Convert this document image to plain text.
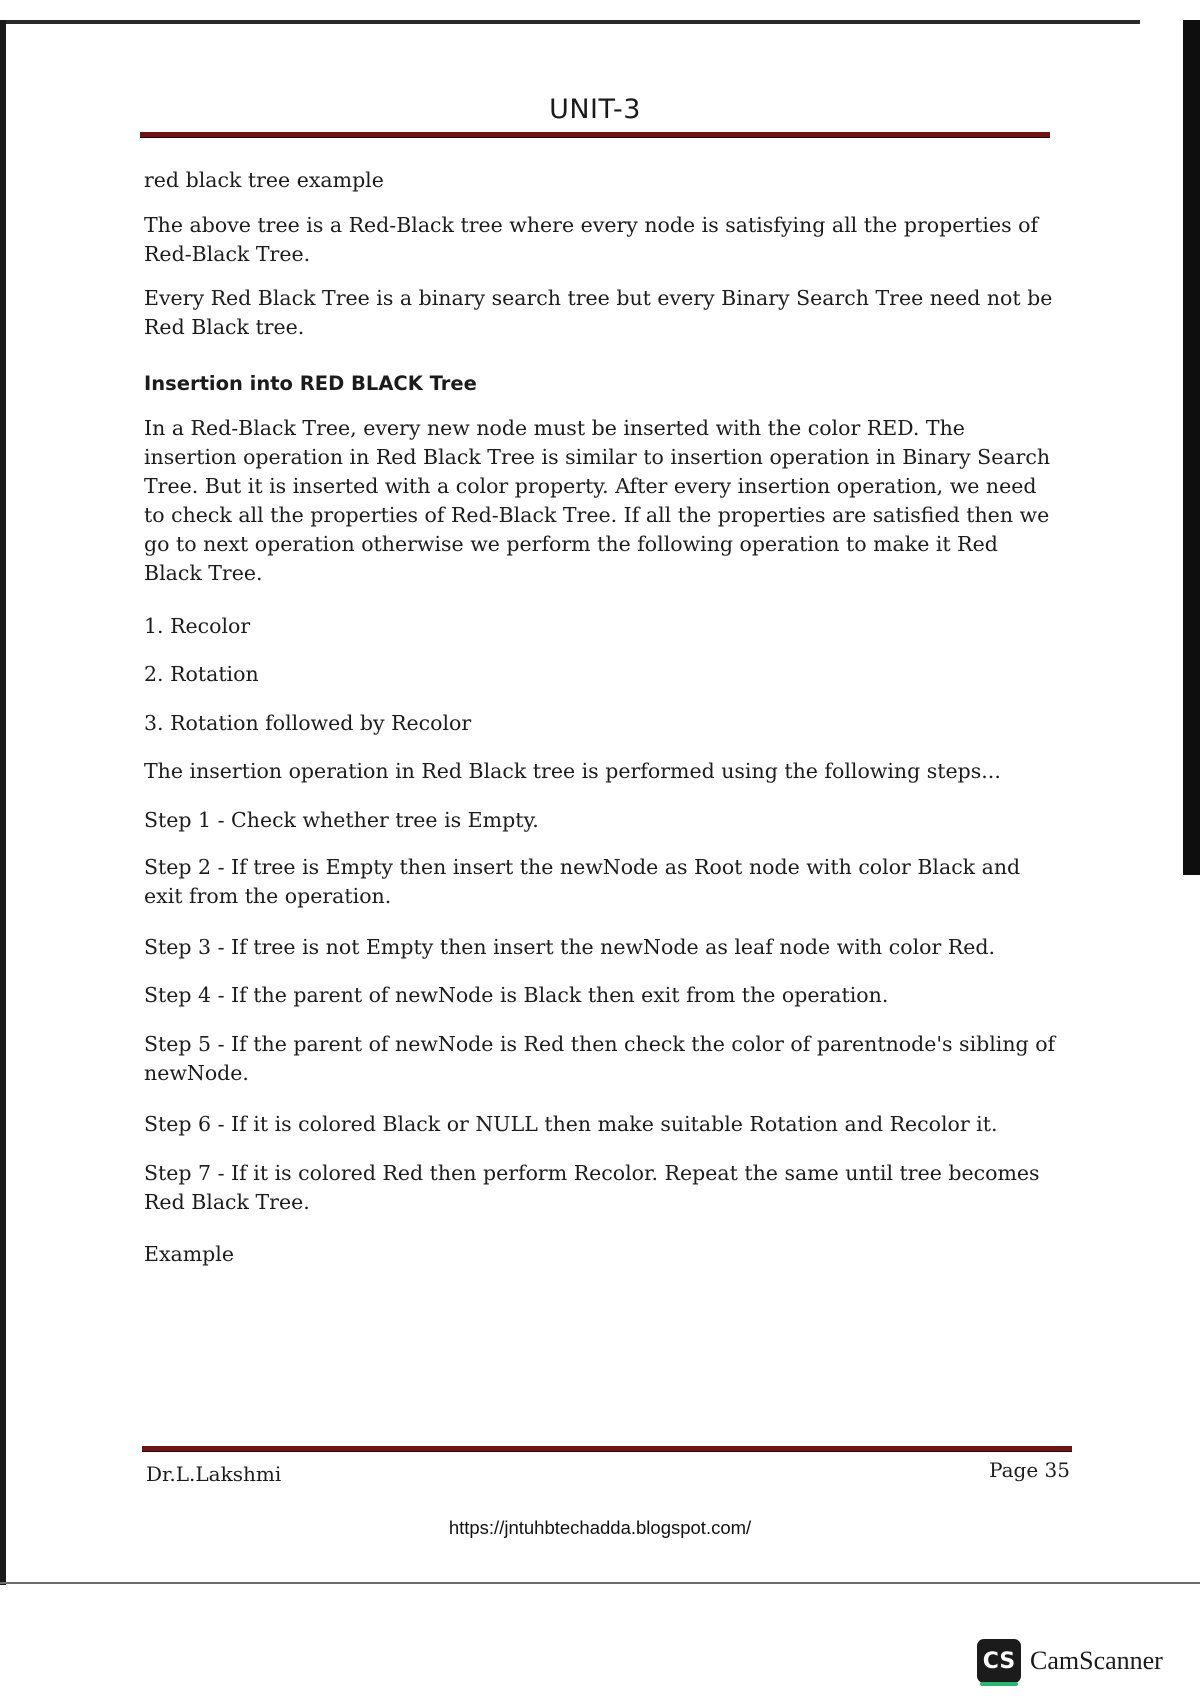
UNIT-3
red black tree example
The above tree is a Red-Black tree where every node is satisfying all the properties of Red-Black Tree.
Every Red Black Tree is a binary search tree but every Binary Search Tree need not be Red Black tree.
Insertion into RED BLACK Tree
In a Red-Black Tree, every new node must be inserted with the color RED. The insertion operation in Red Black Tree is similar to insertion operation in Binary Search Tree. But it is inserted with a color property. After every insertion operation, we need to check all the properties of Red-Black Tree. If all the properties are satisfied then we go to next operation otherwise we perform the following operation to make it Red Black Tree.
1. Recolor
2. Rotation
3. Rotation followed by Recolor
The insertion operation in Red Black tree is performed using the following steps...
Step 1 - Check whether tree is Empty.
Step 2 - If tree is Empty then insert the newNode as Root node with color Black and exit from the operation.
Step 3 - If tree is not Empty then insert the newNode as leaf node with color Red.
Step 4 - If the parent of newNode is Black then exit from the operation.
Step 5 - If the parent of newNode is Red then check the color of parentnode's sibling of newNode.
Step 6 - If it is colored Black or NULL then make suitable Rotation and Recolor it.
Step 7 - If it is colored Red then perform Recolor. Repeat the same until tree becomes Red Black Tree.
Example
Dr.L.Lakshmi	Page 35
https://jntuhbtechadda.blogspot.com/
CS CamScanner
